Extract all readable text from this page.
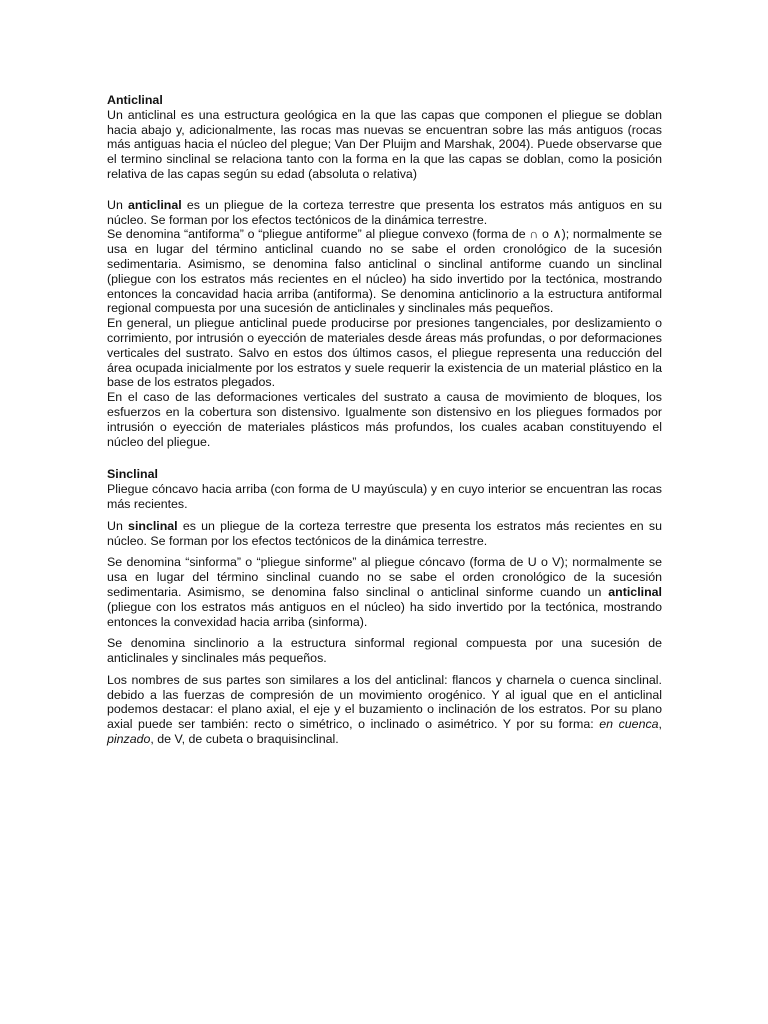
Anticlinal

Un anticlinal es una estructura geológica en la que las capas que componen el pliegue se doblan hacia abajo y, adicionalmente, las rocas mas nuevas se encuentran sobre las más antiguos (rocas más antiguas hacia el núcleo del plegue; Van Der Pluijm and Marshak, 2004). Puede observarse que el termino sinclinal se relaciona tanto con la forma en la que las capas se doblan, como la posición relativa de las capas según su edad (absoluta o relativa)

Un anticlinal es un pliegue de la corteza terrestre que presenta los estratos más antiguos en su núcleo. Se forman por los efectos tectónicos de la dinámica terrestre.

Se denomina “antiforma” o “pliegue antiforme” al pliegue convexo (forma de ∩ o ∧); normalmente se usa en lugar del término anticlinal cuando no se sabe el orden cronológico de la sucesión sedimentaria. Asimismo, se denomina falso anticlinal o sinclinal antiforme cuando un sinclinal (pliegue con los estratos más recientes en el núcleo) ha sido invertido por la tectónica, mostrando entonces la concavidad hacia arriba (antiforma). Se denomina anticlinorio a la estructura antiformal regional compuesta por una sucesión de anticlinales y sinclinales más pequeños.

En general, un pliegue anticlinal puede producirse por presiones tangenciales, por deslizamiento o corrimiento, por intrusión o eyección de materiales desde áreas más profundas, o por deformaciones verticales del sustrato. Salvo en estos dos últimos casos, el pliegue representa una reducción del área ocupada inicialmente por los estratos y suele requerir la existencia de un material plástico en la base de los estratos plegados.

En el caso de las deformaciones verticales del sustrato a causa de movimiento de bloques, los esfuerzos en la cobertura son distensivo. Igualmente son distensivo en los pliegues formados por intrusión o eyección de materiales plásticos más profundos, los cuales acaban constituyendo el núcleo del pliegue.

Sinclinal

Pliegue cóncavo hacia arriba (con forma de U mayúscula) y en cuyo interior se encuentran las rocas más recientes.

Un sinclinal es un pliegue de la corteza terrestre que presenta los estratos más recientes en su núcleo. Se forman por los efectos tectónicos de la dinámica terrestre.

Se denomina “sinforma” o “pliegue sinforme” al pliegue cóncavo (forma de U o V); normalmente se usa en lugar del término sinclinal cuando no se sabe el orden cronológico de la sucesión sedimentaria. Asimismo, se denomina falso sinclinal o anticlinal sinforme cuando un anticlinal (pliegue con los estratos más antiguos en el núcleo) ha sido invertido por la tectónica, mostrando entonces la convexidad hacia arriba (sinforma).

Se denomina sinclinorio a la estructura sinformal regional compuesta por una sucesión de anticlinales y sinclinales más pequeños.

Los nombres de sus partes son similares a los del anticlinal: flancos y charnela o cuenca sinclinal. debido a las fuerzas de compresión de un movimiento orogénico. Y al igual que en el anticlinal podemos destacar: el plano axial, el eje y el buzamiento o inclinación de los estratos. Por su plano axial puede ser también: recto o simétrico, o inclinado o asimétrico. Y por su forma: en cuenca, pinzado, de V, de cubeta o braquisinclinal.
